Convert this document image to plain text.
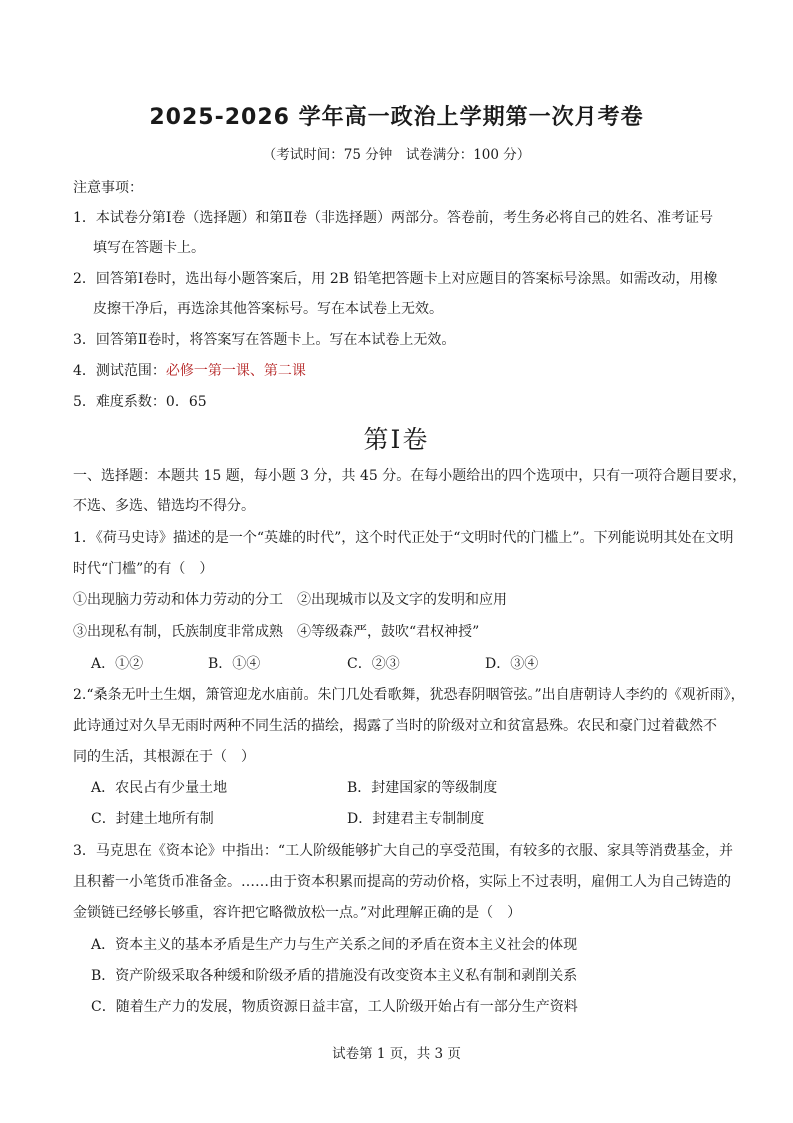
2025-2026 学年高一政治上学期第一次月考卷
（考试时间：75 分钟　试卷满分：100 分）
注意事项：
1．本试卷分第Ⅰ卷（选择题）和第Ⅱ卷（非选择题）两部分。答卷前，考生务必将自己的姓名、准考证号
填写在答题卡上。
2．回答第Ⅰ卷时，选出每小题答案后，用 2B 铅笔把答题卡上对应题目的答案标号涂黑。如需改动，用橡
皮擦干净后，再选涂其他答案标号。写在本试卷上无效。
3．回答第Ⅱ卷时，将答案写在答题卡上。写在本试卷上无效。
4．测试范围：必修一第一课、第二课
5．难度系数：0．65
第Ⅰ卷
一、选择题：本题共 15 题，每小题 3 分，共 45 分。在每小题给出的四个选项中，只有一项符合题目要求，
不选、多选、错选均不得分。
1．《荷马史诗》描述的是一个“英雄的时代”，这个时代正处于“文明时代的门槛上”。下列能说明其处在文明
时代“门槛”的有（　）
①出现脑力劳动和体力劳动的分工　②出现城市以及文字的发明和应用
③出现私有制，氏族制度非常成熟　④等级森严，鼓吹“君权神授”
A．①②	B．①④	C．②③	D．③④
2.“桑条无叶土生烟，箫管迎龙水庙前。朱门几处看歌舞，犹恐春阴咽管弦。”出自唐朝诗人李约的《观祈雨》，
此诗通过对久旱无雨时两种不同生活的描绘，揭露了当时的阶级对立和贫富悬殊。农民和豪门过着截然不
同的生活，其根源在于（　）
A．农民占有少量土地	B．封建国家的等级制度
C．封建土地所有制	D．封建君主专制制度
3．马克思在《资本论》中指出：“工人阶级能够扩大自己的享受范围，有较多的衣服、家具等消费基金，并
且积蓄一小笔货币准备金。……由于资本积累而提高的劳动价格，实际上不过表明，雇佣工人为自己铸造的
金锁链已经够长够重，容许把它略微放松一点。”对此理解正确的是（　）
A．资本主义的基本矛盾是生产力与生产关系之间的矛盾在资本主义社会的体现
B．资产阶级采取各种缓和阶级矛盾的措施没有改变资本主义私有制和剥削关系
C．随着生产力的发展，物质资源日益丰富，工人阶级开始占有一部分生产资料
试卷第 1 页，共 3 页
